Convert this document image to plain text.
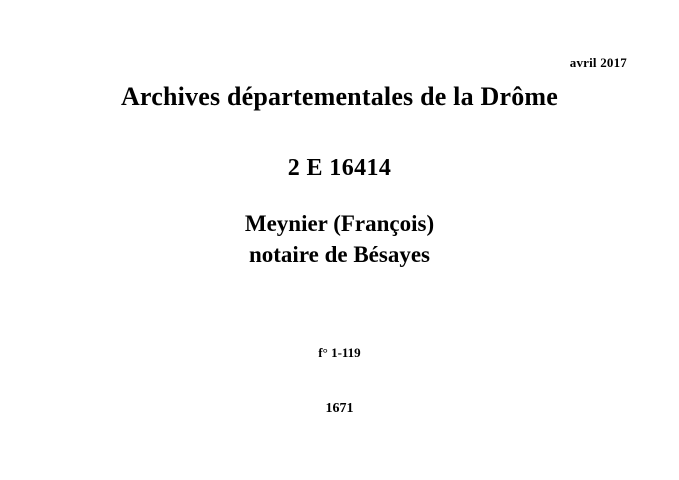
avril 2017
Archives départementales de la Drôme
2 E 16414
Meynier (François)
notaire de Bésayes
f° 1-119
1671
